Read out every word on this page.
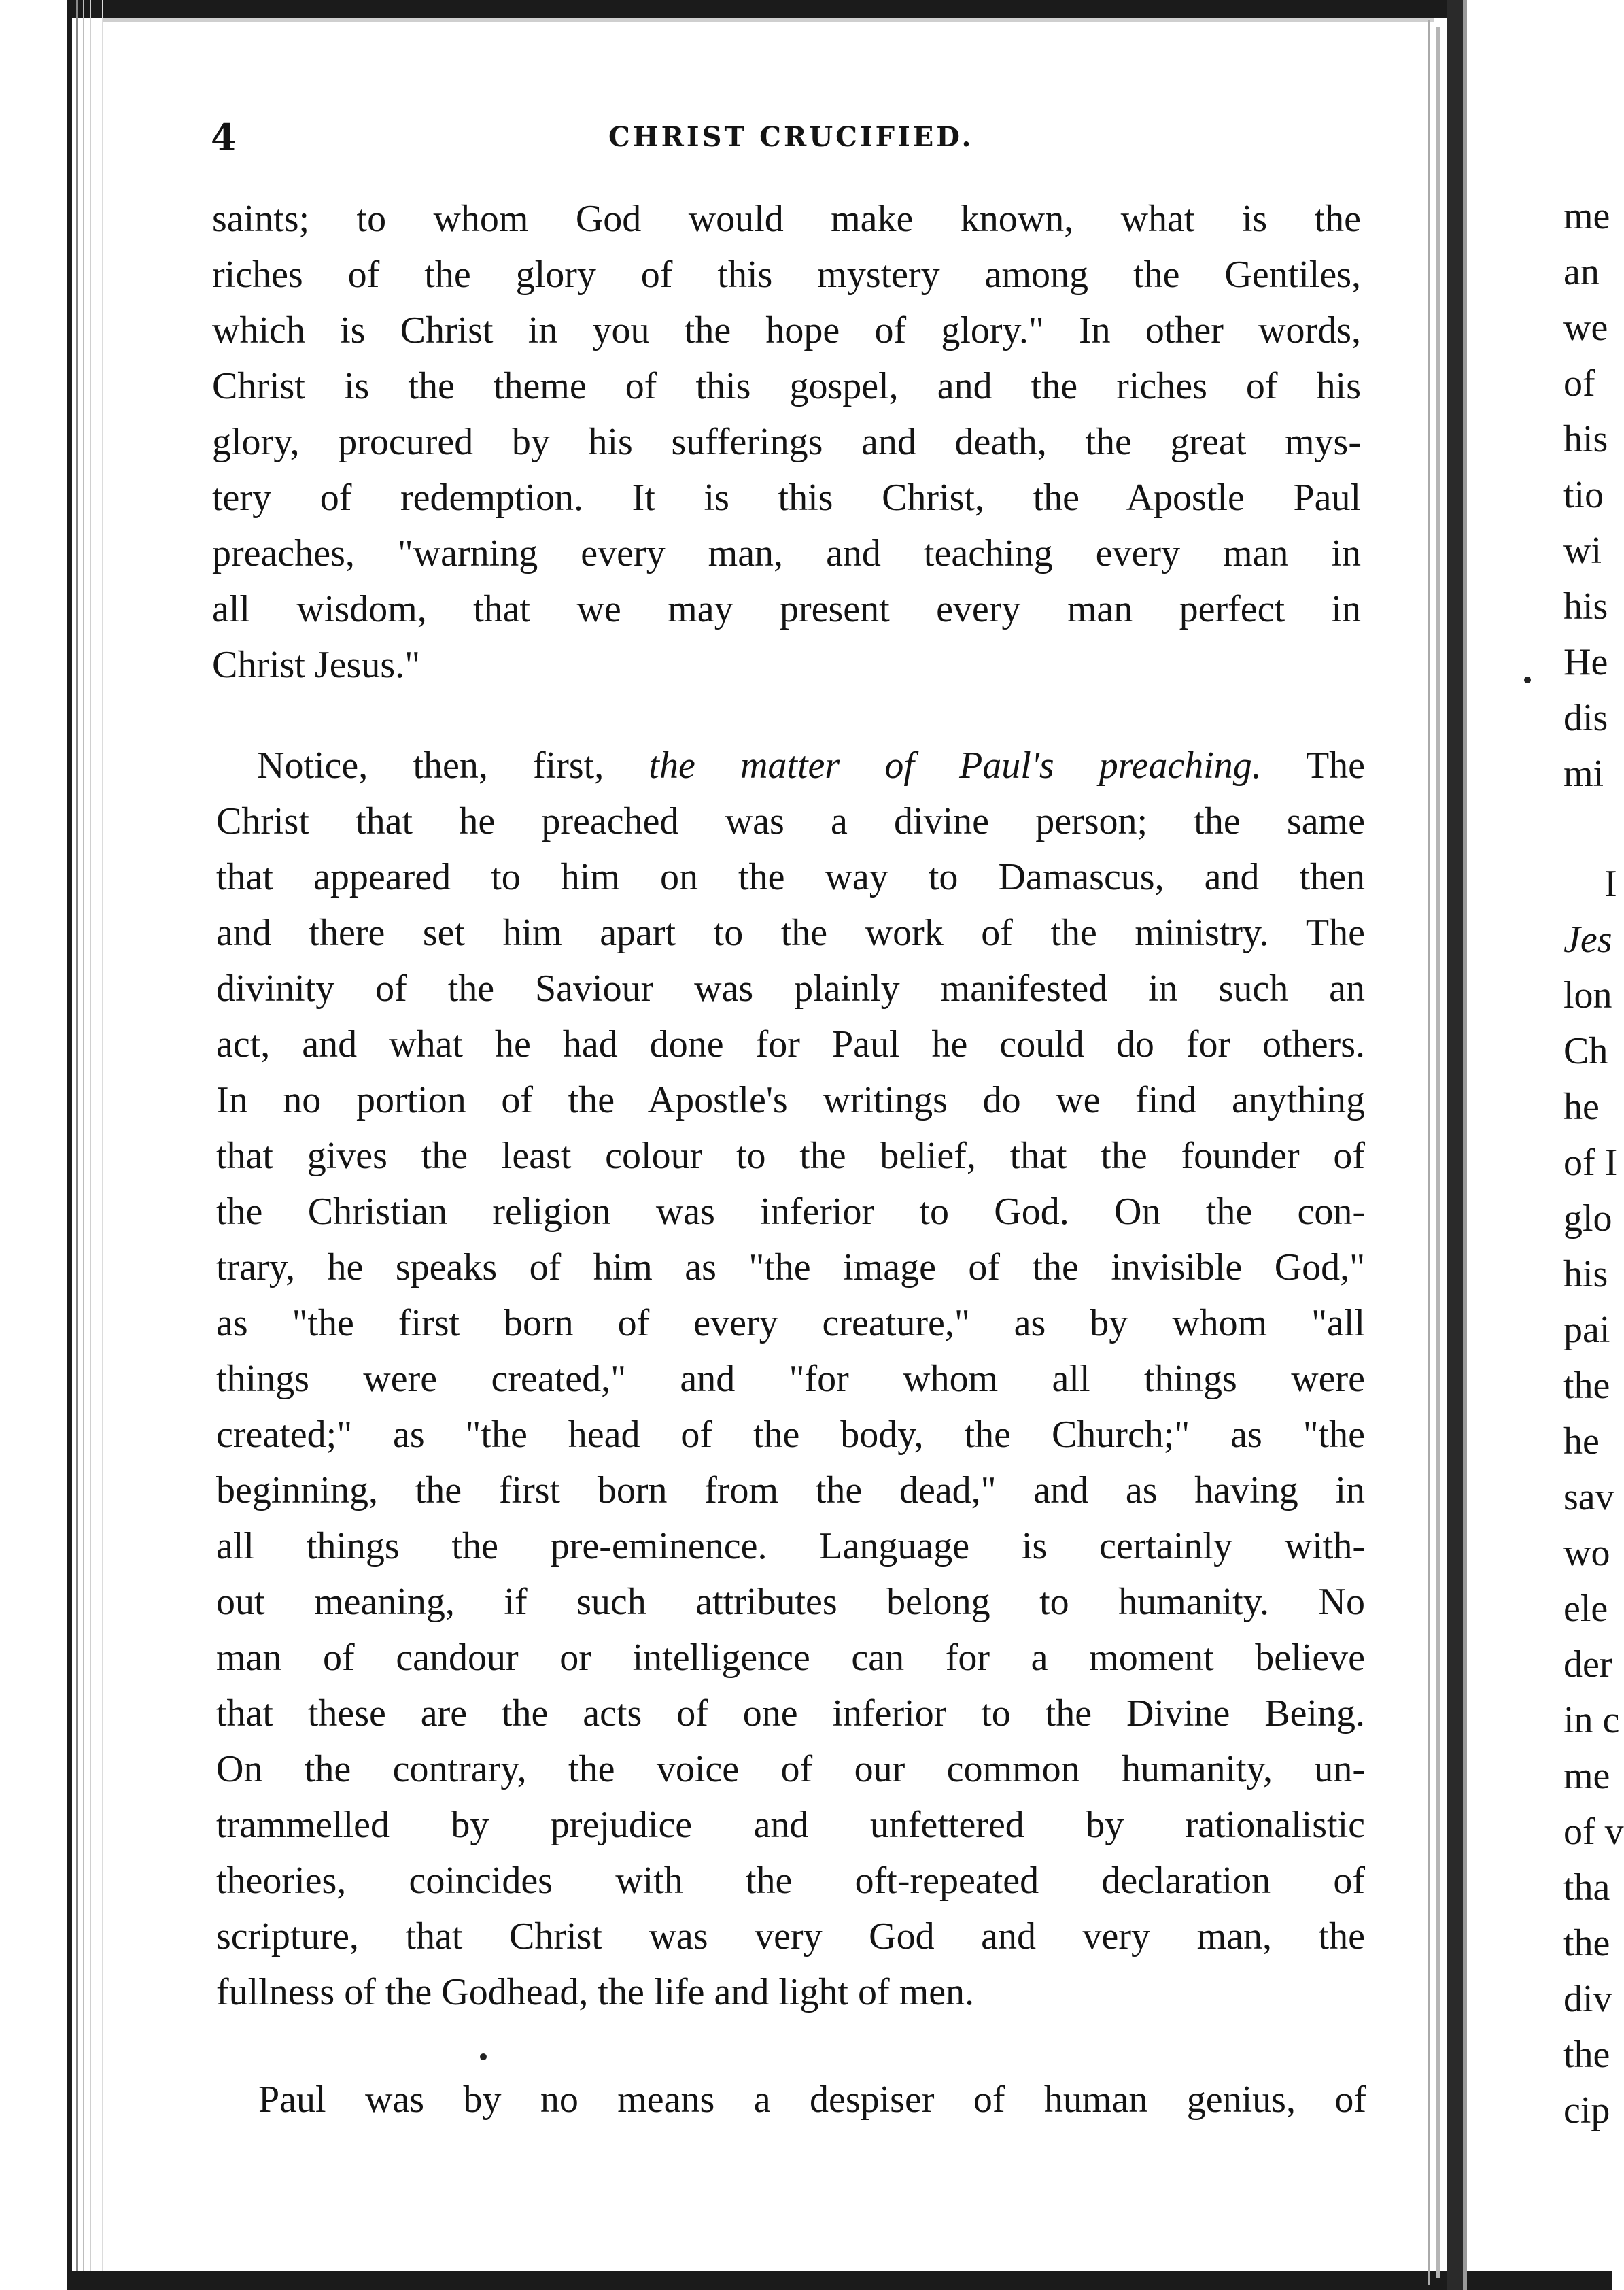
4	CHRIST CRUCIFIED.
saints; to whom God would make known, what is the
riches of the glory of this mystery among the Gentiles,
which is Christ in you the hope of glory." In other words,
Christ is the theme of this gospel, and the riches of his
glory, procured by his sufferings and death, the great mys-
tery of redemption. It is this Christ, the Apostle Paul
preaches, "warning every man, and teaching every man in
all wisdom, that we may present every man perfect in
Christ Jesus."
Notice, then, first, the matter of Paul's preaching. The
Christ that he preached was a divine person; the same
that appeared to him on the way to Damascus, and then
and there set him apart to the work of the ministry. The
divinity of the Saviour was plainly manifested in such an
act, and what he had done for Paul he could do for others.
In no portion of the Apostle's writings do we find anything
that gives the least colour to the belief, that the founder of
the Christian religion was inferior to God. On the con-
trary, he speaks of him as "the image of the invisible God,"
as "the first born of every creature," as by whom "all
things were created," and "for whom all things were
created;" as "the head of the body, the Church;" as "the
beginning, the first born from the dead," and as having in
all things the pre-eminence. Language is certainly with-
out meaning, if such attributes belong to humanity. No
man of candour or intelligence can for a moment believe
that these are the acts of one inferior to the Divine Being.
On the contrary, the voice of our common humanity, un-
trammelled by prejudice and unfettered by rationalistic
theories, coincides with the oft-repeated declaration of
scripture, that Christ was very God and very man, the
fullness of the Godhead, the life and light of men.
Paul was by no means a despiser of human genius, of
me
an
we
of
his
tio
wi
his
He
dis
mi
I
Jes
lon
Ch
he
of I
glo
his
pai
the
he
sav
wo
ele
der
in c
me
of v
tha
the
div
the
cip
